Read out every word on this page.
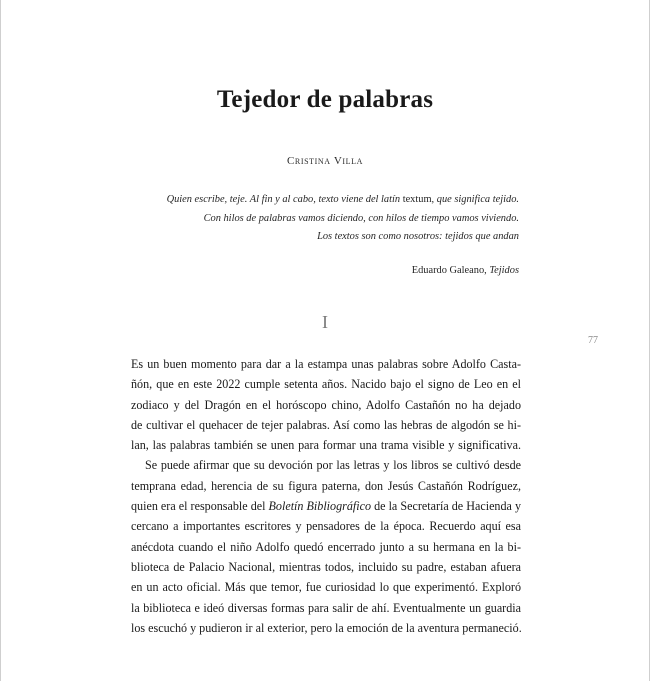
Tejedor de palabras
Cristina Villa
Quien escribe, teje. Al fin y al cabo, texto viene del latín textum, que significa tejido.
Con hilos de palabras vamos diciendo, con hilos de tiempo vamos viviendo.
Los textos son como nosotros: tejidos que andan
Eduardo Galeano, Tejidos
I
77
Es un buen momento para dar a la estampa unas palabras sobre Adolfo Casta-
ñón, que en este 2022 cumple setenta años. Nacido bajo el signo de Leo en el
zodiaco y del Dragón en el horóscopo chino, Adolfo Castañón no ha dejado
de cultivar el quehacer de tejer palabras. Así como las hebras de algodón se hi-
lan, las palabras también se unen para formar una trama visible y significativa.
Se puede afirmar que su devoción por las letras y los libros se cultivó desde
temprana edad, herencia de su figura paterna, don Jesús Castañón Rodríguez,
quien era el responsable del Boletín Bibliográfico de la Secretaría de Hacienda y
cercano a importantes escritores y pensadores de la época. Recuerdo aquí esa
anécdota cuando el niño Adolfo quedó encerrado junto a su hermana en la bi-
blioteca de Palacio Nacional, mientras todos, incluido su padre, estaban afuera
en un acto oficial. Más que temor, fue curiosidad lo que experimentó. Exploró
la biblioteca e ideó diversas formas para salir de ahí. Eventualmente un guardia
los escuchó y pudieron ir al exterior, pero la emoción de la aventura permaneció.
